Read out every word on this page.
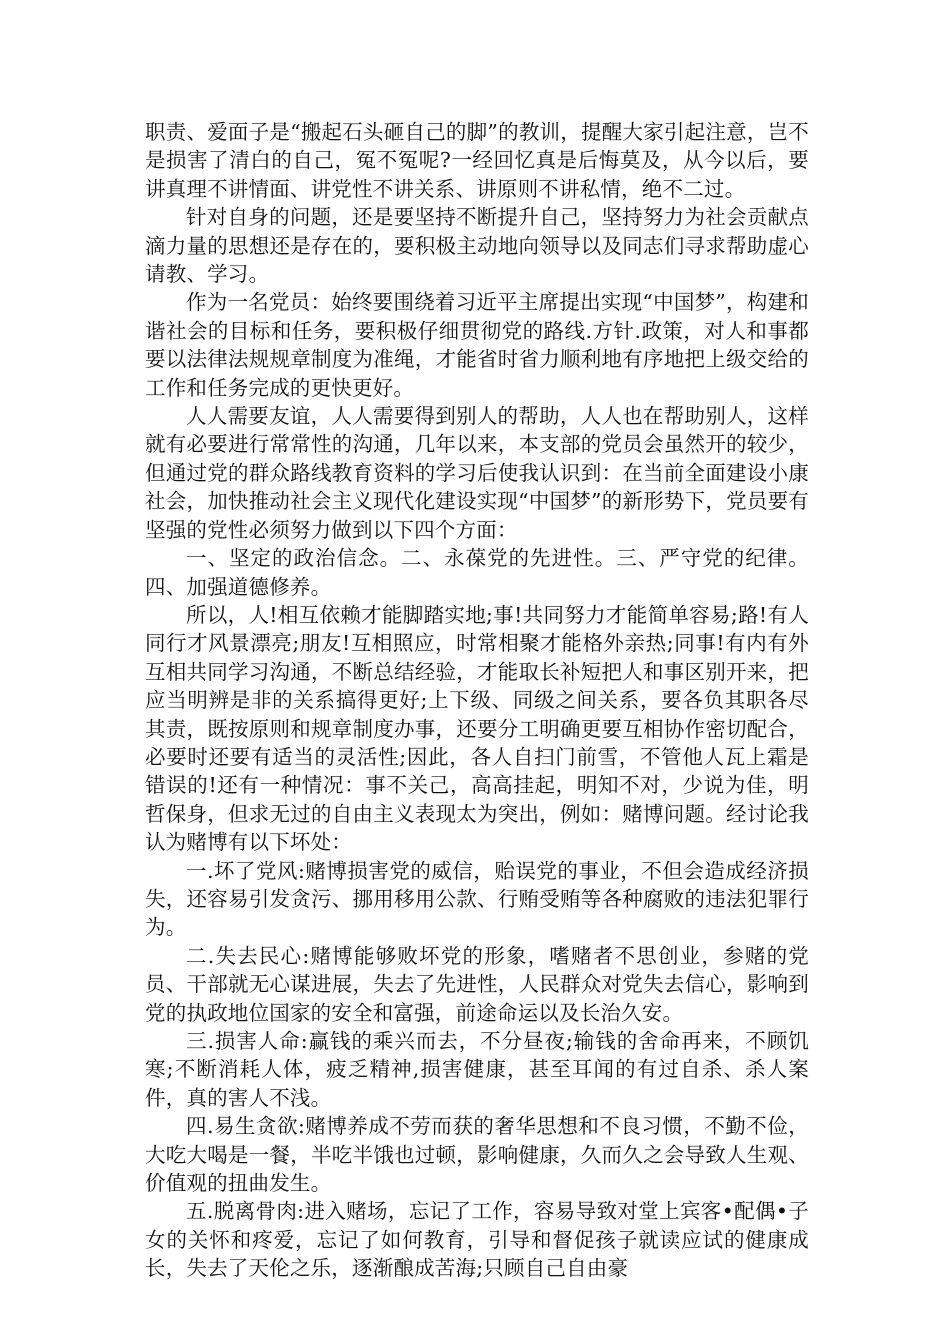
职责、爱面子是“搬起石头砸自己的脚”的教训，提醒大家引起注意，岂不是损害了清白的自己，冤不冤呢?一经回忆真是后悔莫及，从今以后，要讲真理不讲情面、讲党性不讲关系、讲原则不讲私情，绝不二过。

针对自身的问题，还是要坚持不断提升自己，坚持努力为社会贡献点滴力量的思想还是存在的，要积极主动地向领导以及同志们寻求帮助虚心请教、学习。

作为一名党员：始终要围绕着习近平主席提出实现“中国梦”，构建和谐社会的目标和任务，要积极仔细贯彻党的路线.方针.政策，对人和事都要以法律法规规章制度为准绳，才能省时省力顺利地有序地把上级交给的工作和任务完成的更快更好。

人人需要友谊，人人需要得到别人的帮助，人人也在帮助别人，这样就有必要进行常常性的沟通，几年以来，本支部的党员会虽然开的较少，但通过党的群众路线教育资料的学习后使我认识到：在当前全面建设小康社会，加快推动社会主义现代化建设实现“中国梦”的新形势下，党员要有坚强的党性必须努力做到以下四个方面：

一、坚定的政治信念。二、永葆党的先进性。三、严守党的纪律。四、加强道德修养。

所以，人!相互依赖才能脚踏实地;事!共同努力才能简单容易;路!有人同行才风景漂亮;朋友!互相照应，时常相聚才能格外亲热;同事!有内有外互相共同学习沟通，不断总结经验，才能取长补短把人和事区别开来，把应当明辨是非的关系搞得更好;上下级、同级之间关系，要各负其职各尽其责，既按原则和规章制度办事，还要分工明确更要互相协作密切配合，必要时还要有适当的灵活性;因此，各人自扫门前雪，不管他人瓦上霜是错误的!还有一种情况：事不关己，高高挂起，明知不对，少说为佳，明哲保身，但求无过的自由主义表现太为突出，例如：赌博问题。经讨论我认为赌博有以下坏处：

一.坏了党风:赌博损害党的威信，贻误党的事业，不但会造成经济损失，还容易引发贪污、挪用移用公款、行贿受贿等各种腐败的违法犯罪行为。

二.失去民心:赌博能够败坏党的形象，嗜赌者不思创业，参赌的党员、干部就无心谋进展，失去了先进性，人民群众对党失去信心，影响到党的执政地位国家的安全和富强，前途命运以及长治久安。

三.损害人命:赢钱的乘兴而去，不分昼夜;输钱的舍命再来，不顾饥寒;不断消耗人体，疲乏精神,损害健康，甚至耳闻的有过自杀、杀人案件，真的害人不浅。

四.易生贪欲:赌博养成不劳而获的奢华思想和不良习惯，不勤不俭，大吃大喝是一餐，半吃半饿也过顿，影响健康，久而久之会导致人生观、价值观的扭曲发生。

五.脱离骨肉:进入赌场，忘记了工作，容易导致对堂上宾客•配偶•子女的关怀和疼爱，忘记了如何教育，引导和督促孩子就读应试的健康成长，失去了天伦之乐，逐渐酿成苦海;只顾自己自由豪
